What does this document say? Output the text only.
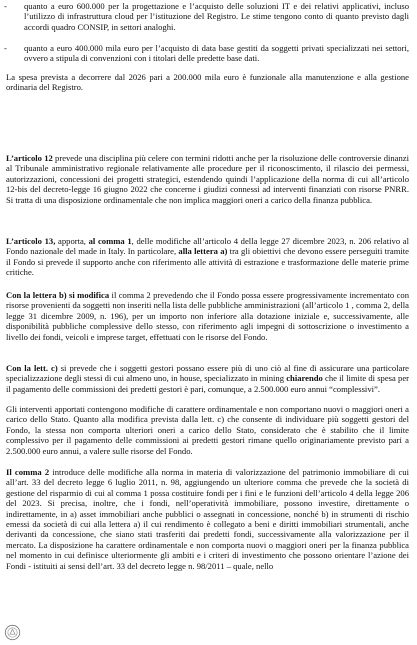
- quanto a euro 600.000 per la progettazione e l’acquisto delle soluzioni IT e dei relativi applicativi, incluso l’utilizzo di infrastruttura cloud per l’istituzione del Registro. Le stime tengono conto di quanto previsto dagli accordi quadro CONSIP, in settori analoghi.
- quanto a euro 400.000 mila euro per l’acquisto di data base gestiti da soggetti privati specializzati nei settori, ovvero a stipula di convenzioni con i titolari delle predette base dati.

La spesa prevista a decorrere dal 2026 pari a 200.000 mila euro è funzionale alla manutenzione e alla gestione ordinaria del Registro.

L’articolo 12 prevede una disciplina più celere con termini ridotti anche per la risoluzione delle controversie dinanzi al Tribunale amministrativo regionale relativamente alle procedure per il riconoscimento, il rilascio dei permessi, autorizzazioni, concessioni dei progetti strategici, estendendo quindi l’applicazione della norma di cui all’articolo 12-bis del decreto-legge 16 giugno 2022 che concerne i giudizi connessi ad interventi finanziati con risorse PNRR. Si tratta di una disposizione ordinamentale che non implica maggiori oneri a carico della finanza pubblica.

L’articolo 13, apporta, al comma 1, delle modifiche all’articolo 4 della legge 27 dicembre 2023, n. 206 relativo al Fondo nazionale del made in Italy. In particolare, alla lettera a) tra gli obiettivi che devono essere perseguiti tramite il Fondo si prevede il supporto anche con riferimento alle attività di estrazione e trasformazione delle materie prime critiche.

Con la lettera b) si modifica il comma 2 prevedendo che il Fondo possa essere progressivamente incrementato con risorse provenienti da soggetti non inseriti nella lista delle pubbliche amministrazioni (all’articolo 1 , comma 2, della legge 31 dicembre 2009, n. 196), per un importo non inferiore alla dotazione iniziale e, successivamente, alle disponibilità pubbliche complessive dello stesso, con riferimento agli impegni di sottoscrizione o investimento a livello dei fondi, veicoli e imprese target, effettuati con le risorse del Fondo.

Con la lett. c) si prevede che i soggetti gestori possano essere più di uno ciò al fine di assicurare una particolare specializzazione degli stessi di cui almeno uno, in house, specializzato in mining chiarendo che il limite di spesa per il pagamento delle commissioni dei predetti gestori è pari, comunque, a 2.500.000 euro annui “complessivi”.

Gli interventi apportati contengono modifiche di carattere ordinamentale e non comportano nuovi o maggiori oneri a carico dello Stato. Quanto alla modifica prevista dalla lett. c) che consente di individuare più soggetti gestori del Fondo, la stessa non comporta ulteriori oneri a carico dello Stato, considerato che è stabilito che il limite complessivo per il pagamento delle commissioni ai predetti gestori rimane quello originariamente previsto pari a 2.500.000 euro annui, a valere sulle risorse del Fondo.

Il comma 2 introduce delle modifiche alla norma in materia di valorizzazione del patrimonio immobiliare di cui all’art. 33 del decreto legge 6 luglio 2011, n. 98, aggiungendo un ulteriore comma che prevede che la società di gestione del risparmio di cui al comma 1 possa costituire fondi per i fini e le funzioni dell’articolo 4 della legge 206 del 2023. Si precisa, inoltre, che i fondi, nell’operatività immobiliare, possono investire, direttamente o indirettamente, in a) asset immobiliari anche pubblici o assegnati in concessione, nonché b) in strumenti di rischio emessi da società di cui alla lettera a) il cui rendimento è collegato a beni e diritti immobiliari strumentali, anche derivanti da concessione, che siano stati trasferiti dai predetti fondi, successivamente alla valorizzazione per il mercato. La disposizione ha carattere ordinamentale e non comporta nuovi o maggiori oneri per la finanza pubblica nel momento in cui definisce ulteriormente gli ambiti e i criteri di investimento che possono orientare l’azione dei Fondi - istituiti ai sensi dell’art. 33 del decreto legge n. 98/2011 – quale, nello
